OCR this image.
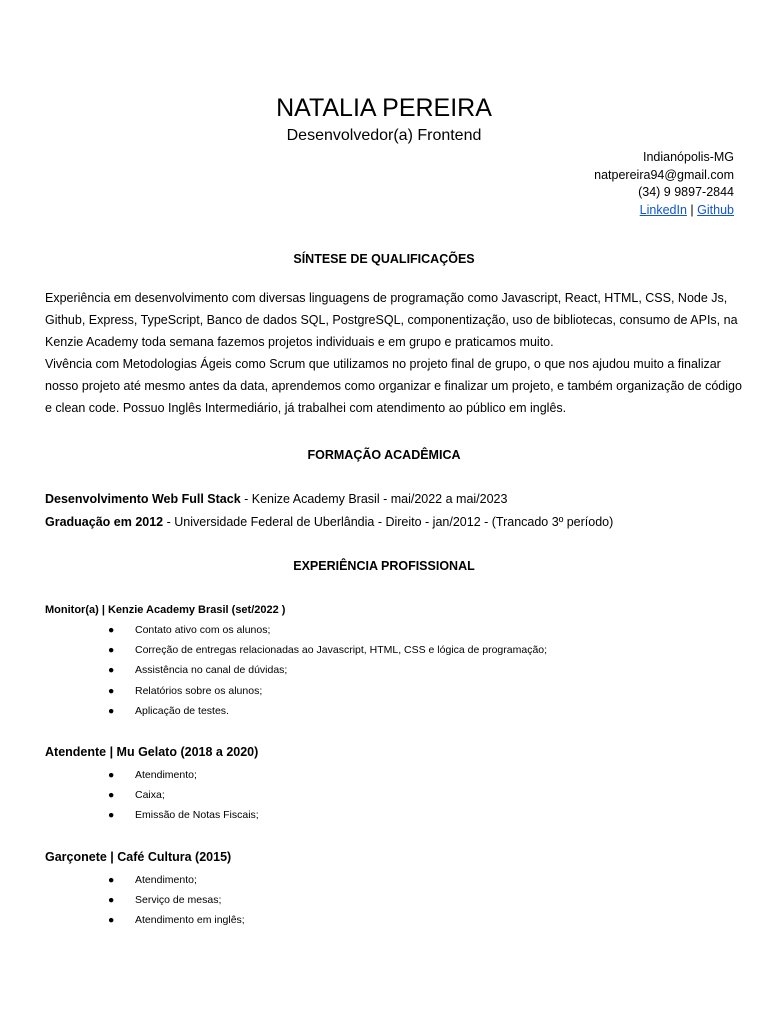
NATALIA PEREIRA
Desenvolvedor(a) Frontend
Indianópolis-MG
natpereira94@gmail.com
(34) 9 9897-2844
LinkedIn | Github
SÍNTESE DE QUALIFICAÇÕES
Experiência em desenvolvimento com diversas linguagens de programação como Javascript, React, HTML, CSS, Node Js,
Github, Express, TypeScript, Banco de dados SQL, PostgreSQL, componentização, uso de bibliotecas, consumo de APIs, na
Kenzie Academy toda semana fazemos projetos individuais e em grupo e praticamos muito.
Vivência com Metodologias Ágeis como Scrum que utilizamos no projeto final de grupo, o que nos ajudou muito a finalizar
nosso projeto até mesmo antes da data, aprendemos como organizar e finalizar um projeto, e também organização de código
e clean code. Possuo Inglês Intermediário, já trabalhei com atendimento ao público em inglês.
FORMAÇÃO ACADÊMICA
Desenvolvimento Web Full Stack - Kenize Academy Brasil - mai/2022 a mai/2023
Graduação em 2012 - Universidade Federal de Uberlândia - Direito - jan/2012 - (Trancado 3º período)
EXPERIÊNCIA PROFISSIONAL
Monitor(a) | Kenzie Academy Brasil (set/2022 )
● Contato ativo com os alunos;
● Correção de entregas relacionadas ao Javascript, HTML, CSS e lógica de programação;
● Assistência no canal de dúvidas;
● Relatórios sobre os alunos;
● Aplicação de testes.
Atendente | Mu Gelato (2018 a 2020)
● Atendimento;
● Caixa;
● Emissão de Notas Fiscais;
Garçonete | Café Cultura (2015)
● Atendimento;
● Serviço de mesas;
● Atendimento em inglês;
